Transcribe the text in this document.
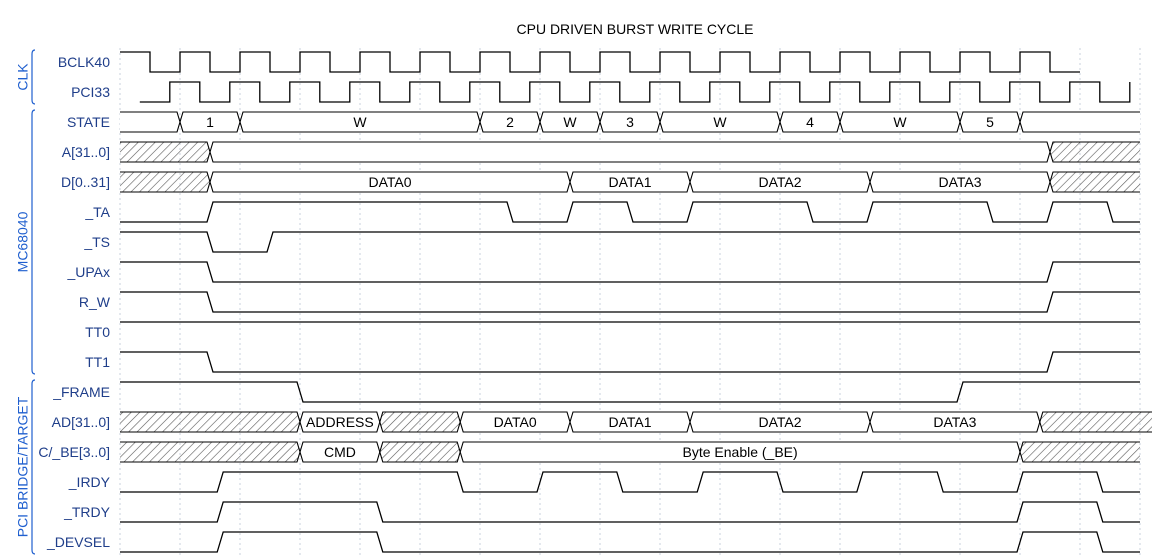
CPU DRIVEN BURST WRITE CYCLE
CLK
MC68040
PCI BRIDGE/TARGET
BCLK40
PCI33
STATE
A[31..0]
D[0..31]
_TA
_TS
_UPAx
R_W
TT0
TT1
_FRAME
AD[31..0]
C/_BE[3..0]
_IRDY
_TRDY
_DEVSEL
1	W	2	W	3	W	4	W	5
DATA0	DATA1	DATA2	DATA3
ADDRESS	DATA0	DATA1	DATA2	DATA3
CMD	Byte Enable (_BE)
